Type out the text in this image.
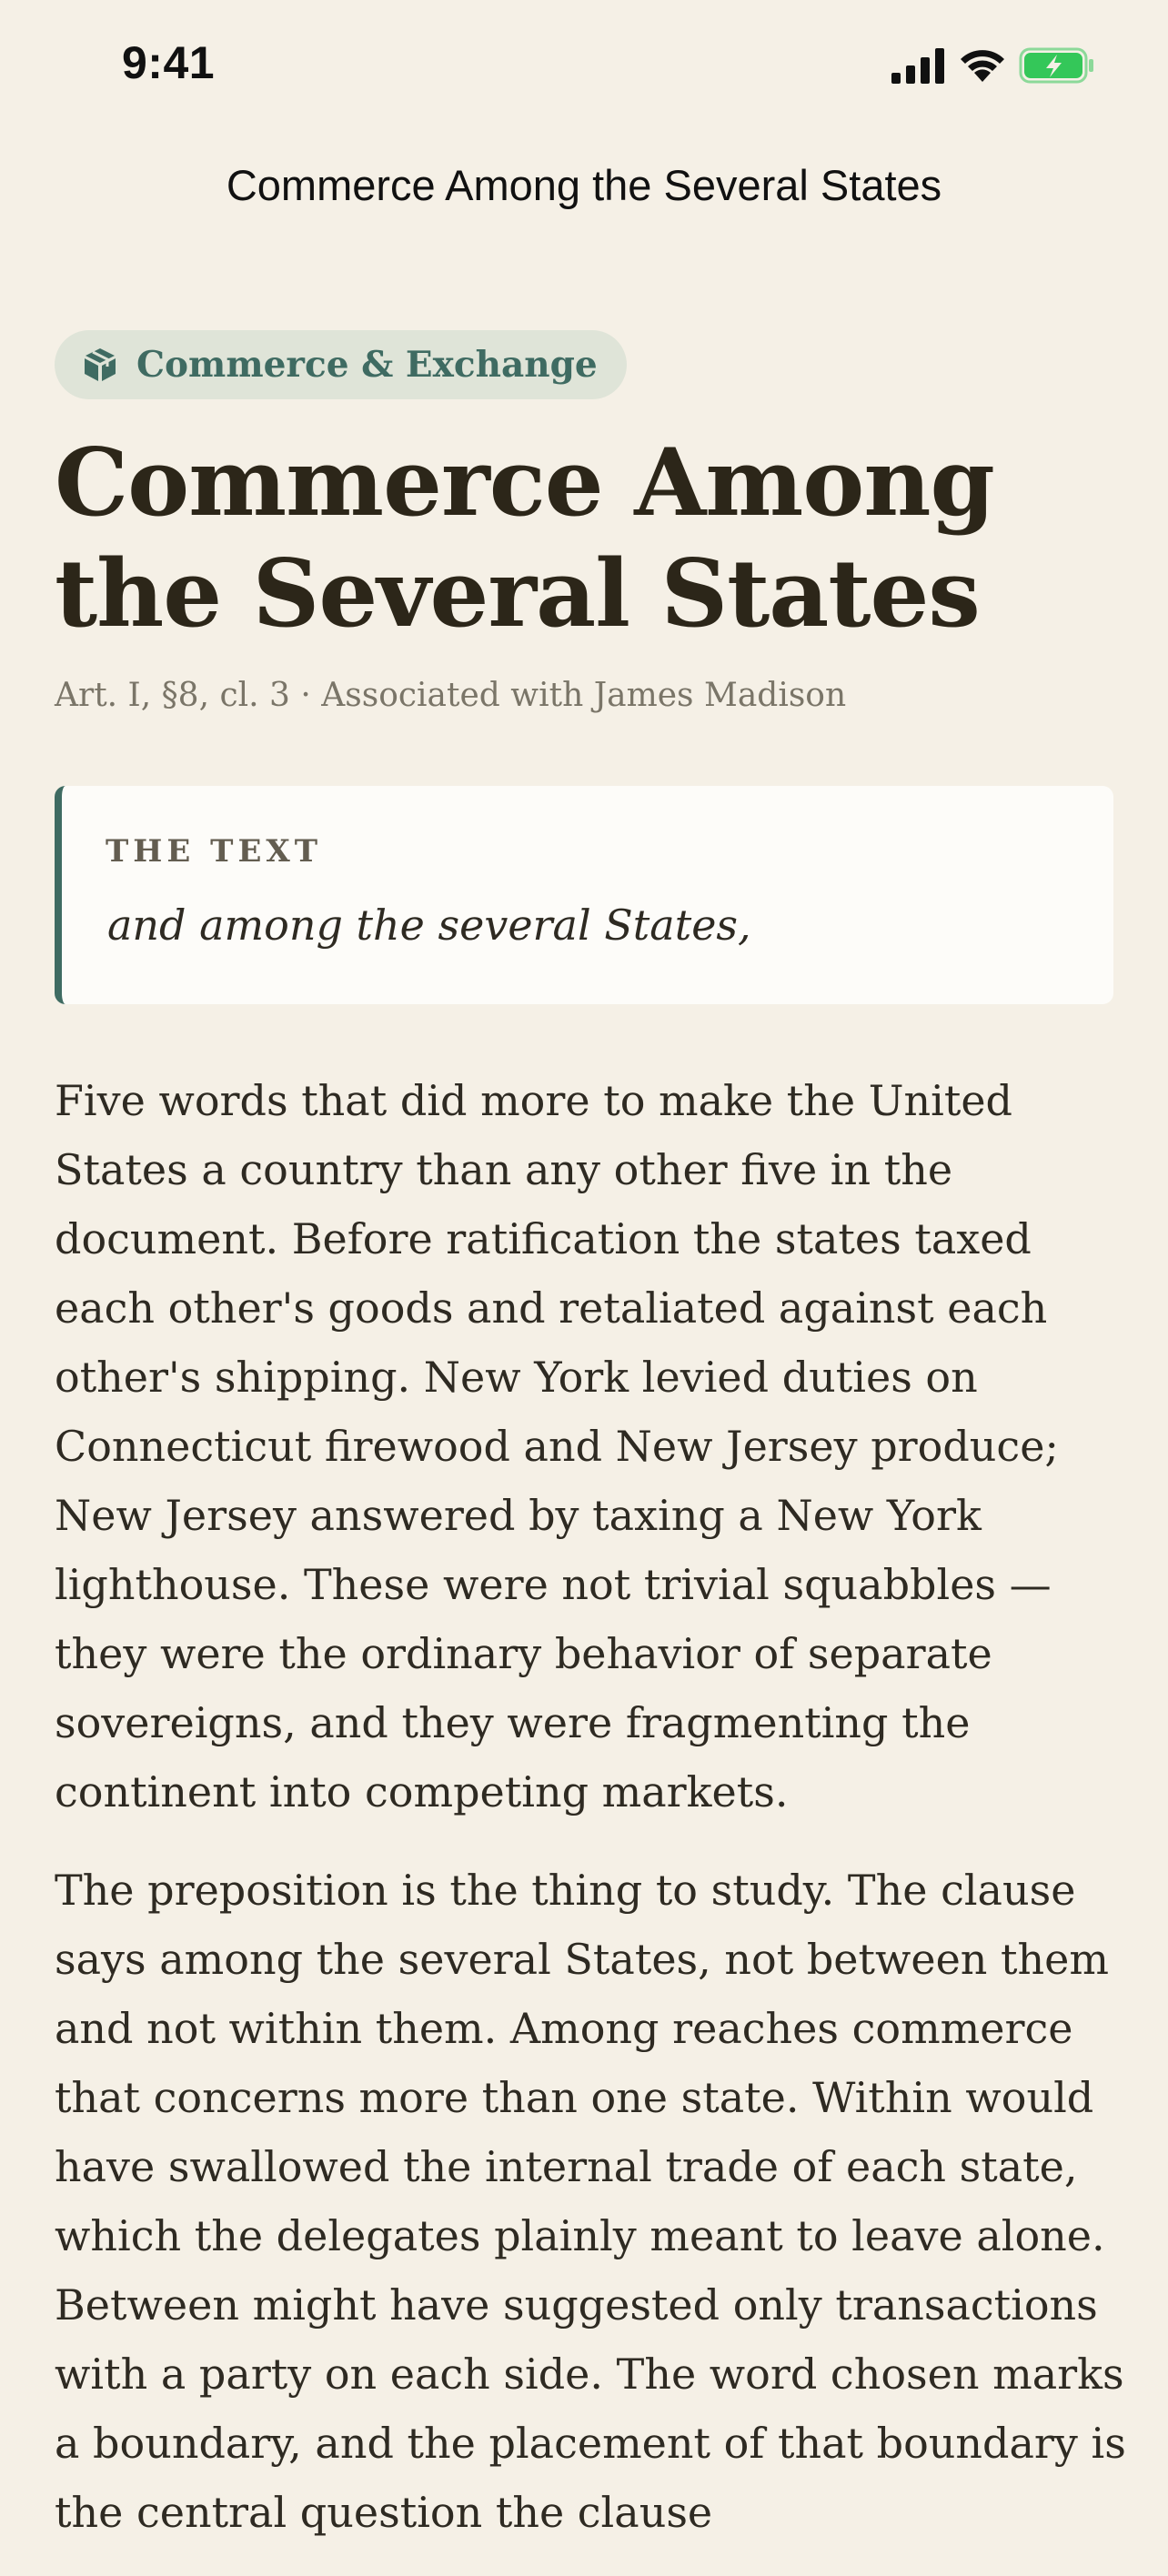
9:41
Commerce Among the Several States
Commerce & Exchange
Commerce Among the Several States
Art. I, §8, cl. 3 · Associated with James Madison
THE TEXT
and among the several States,

Five words that did more to make the United States a country than any other five in the document. Before ratification the states taxed each other's goods and retaliated against each other's shipping. New York levied duties on Connecticut firewood and New Jersey produce; New Jersey answered by taxing a New York lighthouse. These were not trivial squabbles — they were the ordinary behavior of separate sovereigns, and they were fragmenting the continent into competing markets.

The preposition is the thing to study. The clause says among the several States, not between them and not within them. Among reaches commerce that concerns more than one state. Within would have swallowed the internal trade of each state, which the delegates plainly meant to leave alone. Between might have suggested only transactions with a party on each side. The word chosen marks a boundary, and the placement of that boundary is the central question the clause
